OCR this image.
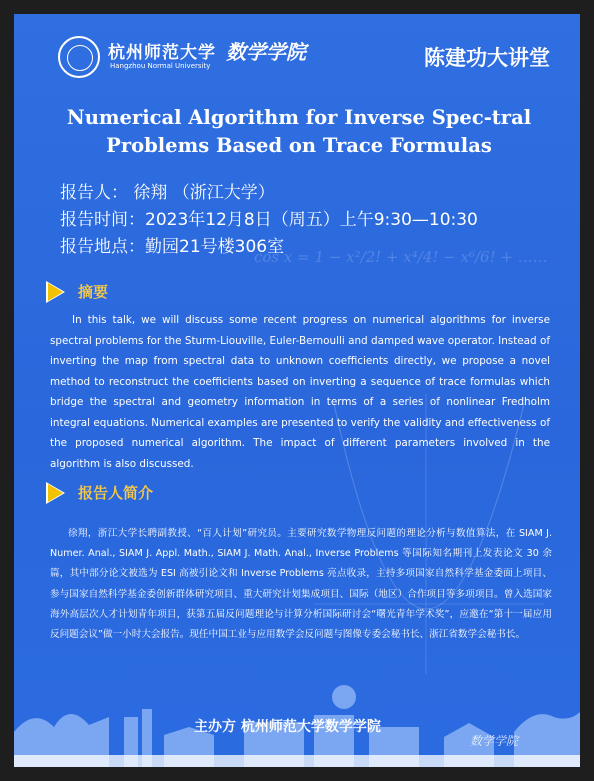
cos x = 1 − x²/2! + x⁴/4! − x⁶/6! + ……
杭州师范大学
Hangzhou Normal University
数学学院	陈建功大讲堂
Numerical Algorithm for Inverse Spec-tral Problems Based on Trace Formulas
报告人： 徐翔 （浙江大学）
报告时间：2023年12月8日（周五）上午9:30—10:30
报告地点：勤园21号楼306室
摘要
In this talk, we will discuss some recent progress on numerical algorithms for inverse spectral problems for the Sturm-Liouville, Euler-Bernoulli and damped wave operator. Instead of inverting the map from spectral data to unknown coefficients directly, we propose a novel method to reconstruct the coefficients based on inverting a sequence of trace formulas which bridge the spectral and geometry information in terms of a series of nonlinear Fredholm integral equations. Numerical examples are presented to verify the validity and effectiveness of the proposed numerical algorithm. The impact of different parameters involved in the algorithm is also discussed.
报告人简介
徐翔，浙江大学长聘副教授、“百人计划”研究员。主要研究数学物理反问题的理论分析与数值算法，在 SIAM J. Numer. Anal., SIAM J. Appl. Math., SIAM J. Math. Anal., Inverse Problems 等国际知名期刊上发表论文 30 余篇，其中部分论文被选为 ESI 高被引论文和 Inverse Problems 亮点收录，主持多项国家自然科学基金委面上项目、参与国家自然科学基金委创新群体研究项目、重大研究计划集成项目、国际（地区）合作项目等多项项目。曾入选国家海外高层次人才计划青年项目，获第五届反问题理论与计算分析国际研讨会“曙光青年学术奖”，应邀在“第十一届应用反问题会议”做一小时大会报告。现任中国工业与应用数学会反问题与图像专委会秘书长、浙江省数学会秘书长。
主办方 杭州师范大学数学学院
数学学院
